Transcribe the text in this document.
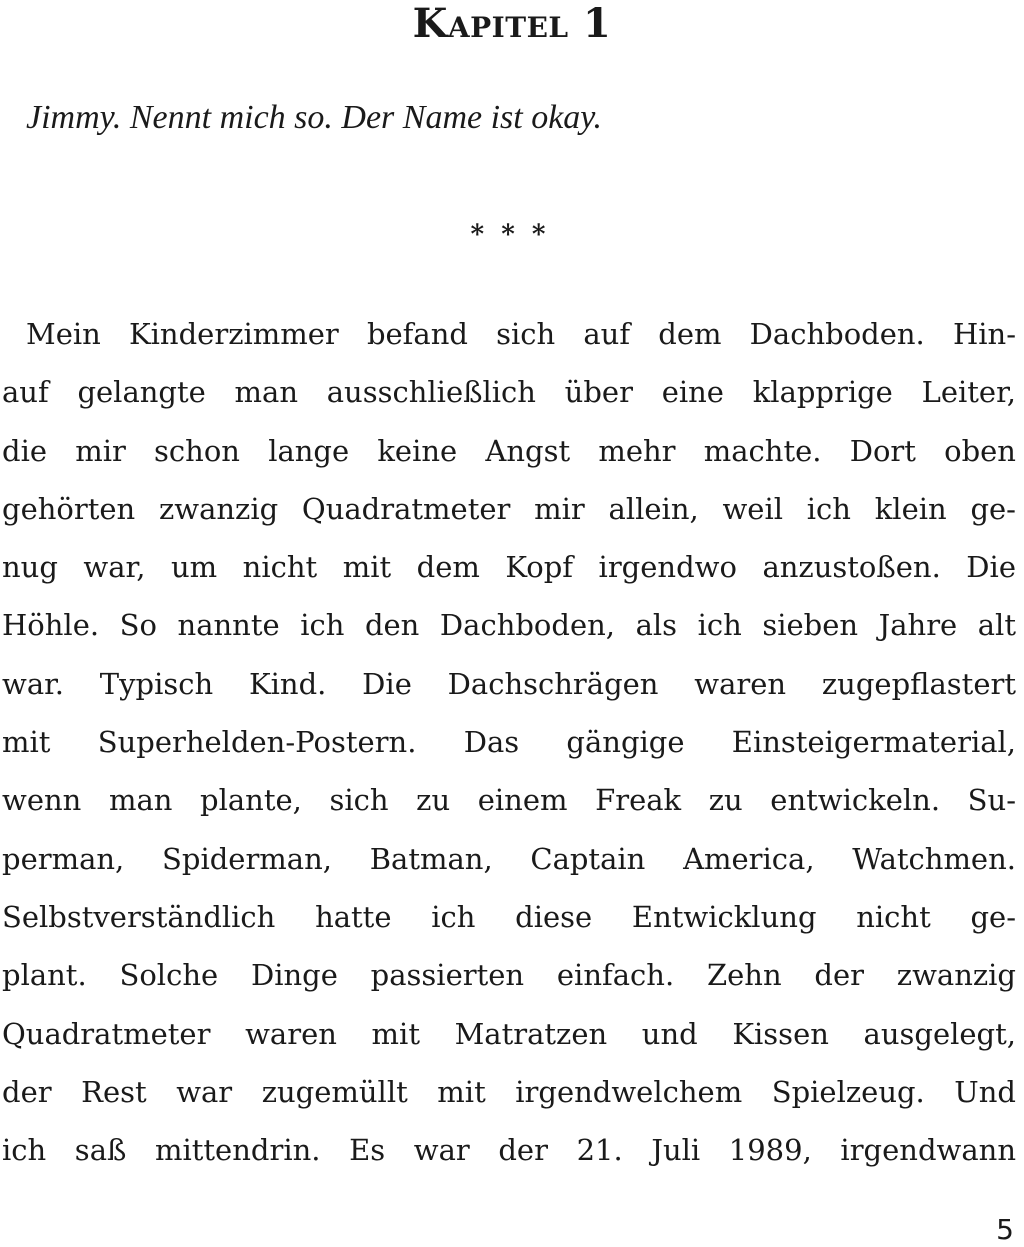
Kapitel 1

Jimmy. Nennt mich so. Der Name ist okay.

* * *

Mein Kinderzimmer befand sich auf dem Dachboden. Hin-
auf gelangte man ausschließlich über eine klapprige Leiter,
die mir schon lange keine Angst mehr machte. Dort oben
gehörten zwanzig Quadratmeter mir allein, weil ich klein ge-
nug war, um nicht mit dem Kopf irgendwo anzustoßen. Die
Höhle. So nannte ich den Dachboden, als ich sieben Jahre alt
war. Typisch Kind. Die Dachschrägen waren zugepflastert
mit Superhelden-Postern. Das gängige Einsteigermaterial,
wenn man plante, sich zu einem Freak zu entwickeln. Su-
perman, Spiderman, Batman, Captain America, Watchmen.
Selbstverständlich hatte ich diese Entwicklung nicht ge-
plant. Solche Dinge passierten einfach. Zehn der zwanzig
Quadratmeter waren mit Matratzen und Kissen ausgelegt,
der Rest war zugemüllt mit irgendwelchem Spielzeug. Und
ich saß mittendrin. Es war der 21. Juli 1989, irgendwann

5
